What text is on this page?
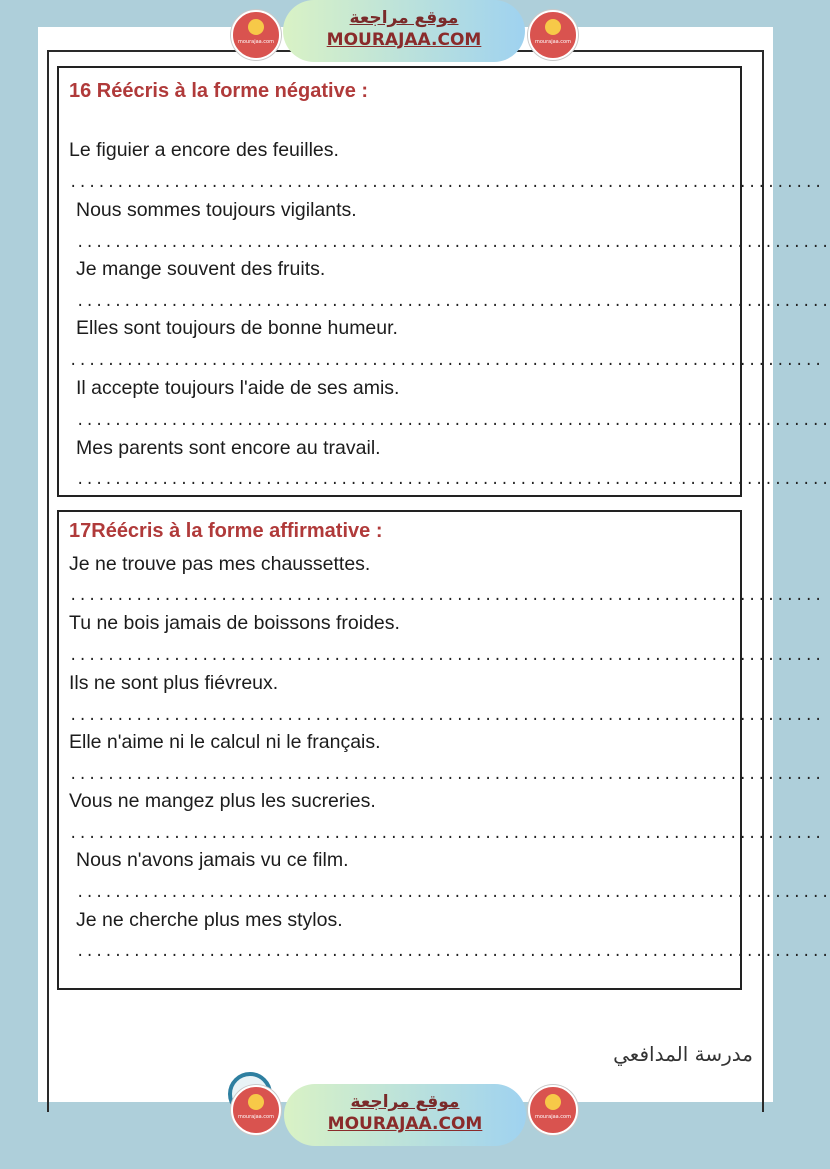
16 Réécris à la forme négative :
Le figuier a encore des feuilles.
................................................................................
Nous sommes toujours vigilants.
................................................................................
Je mange souvent des fruits.
................................................................................
Elles sont toujours de bonne humeur.
................................................................................
Il accepte toujours l'aide de ses amis.
................................................................................
Mes parents sont encore au travail.
................................................................................
17Réécris à la forme affirmative :
Je ne trouve pas mes chaussettes.
................................................................................
Tu ne bois jamais de boissons froides.
................................................................................
Ils ne sont plus fiévreux.
................................................................................
Elle n'aime ni le calcul ni le français.
................................................................................
Vous ne mangez plus les sucreries.
................................................................................
Nous n'avons jamais vu ce film.
................................................................................
Je ne cherche plus mes stylos.
................................................................................
مدرسة المدافعي
mourajaa.com
موقع مراجعة
MOURAJAA.COM	mourajaa.com
mourajaa.com
موقع مراجعة
MOURAJAA.COM	mourajaa.com
